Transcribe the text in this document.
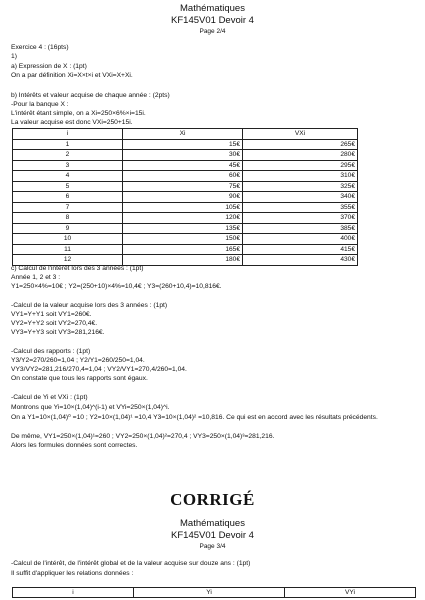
Mathématiques
KF145V01 Devoir 4
Page 2/4
Exercice 4 : (16pts)
1)
a) Expression de X : (1pt)
On a par définition Xi=X×t×i et VXi=X+Xi.
b) Intérêts et valeur acquise de chaque année : (2pts)
-Pour la banque X :
L'intérêt étant simple, on a Xi=250×6%×i=15i.
La valeur acquise est donc VXi=250+15i.
i	Xi	VXi
1	15€	265€
2	30€	280€
3	45€	295€
4	60€	310€
5	75€	325€
6	90€	340€
7	105€	355€
8	120€	370€
9	135€	385€
10	150€	400€
11	165€	415€
12	180€	430€
c) Calcul de l'intérêt lors des 3 années : (1pt)
Année 1, 2 et 3 :
Y1=250×4%=10€ ; Y2=(250+10)×4%=10,4€ ; Y3=(260+10,4)=10,816€.
-Calcul de la valeur acquise lors des 3 années : (1pt)
VY1=Y+Y1 soit VY1=260€.
VY2=Y+Y2 soit VY2=270,4€.
VY3=Y+Y3 soit VY3=281,216€.
-Calcul des rapports : (1pt)
Y3/Y2=270/260=1,04 ; Y2/Y1=260/250=1,04.
VY3/VY2=281,216/270,4=1,04 ; VY2/VY1=270,4/260=1,04.
On constate que tous les rapports sont égaux.
-Calcul de Yi et VXi : (1pt)
Montrons que Yi=10×(1,04)^(i-1) et VYi=250×(1,04)^i.
On a Y1=10×(1,04)⁰ =10 ; Y2=10×(1,04)¹ =10,4 Y3=10×(1,04)² =10,816. Ce qui est en accord avec les résultats précédents.
De même, VY1=250×(1,04)¹=260 ; VY2=250×(1,04)²=270,4 ; VY3=250×(1,04)³=281,216.
Alors les formules données sont correctes.
CORRIGÉ
Mathématiques
KF145V01 Devoir 4
Page 3/4
-Calcul de l'intérêt, de l'intérêt global et de la valeur acquise sur douze ans : (1pt)
Il suffit d'appliquer les relations données :
i	Yi	VYi
